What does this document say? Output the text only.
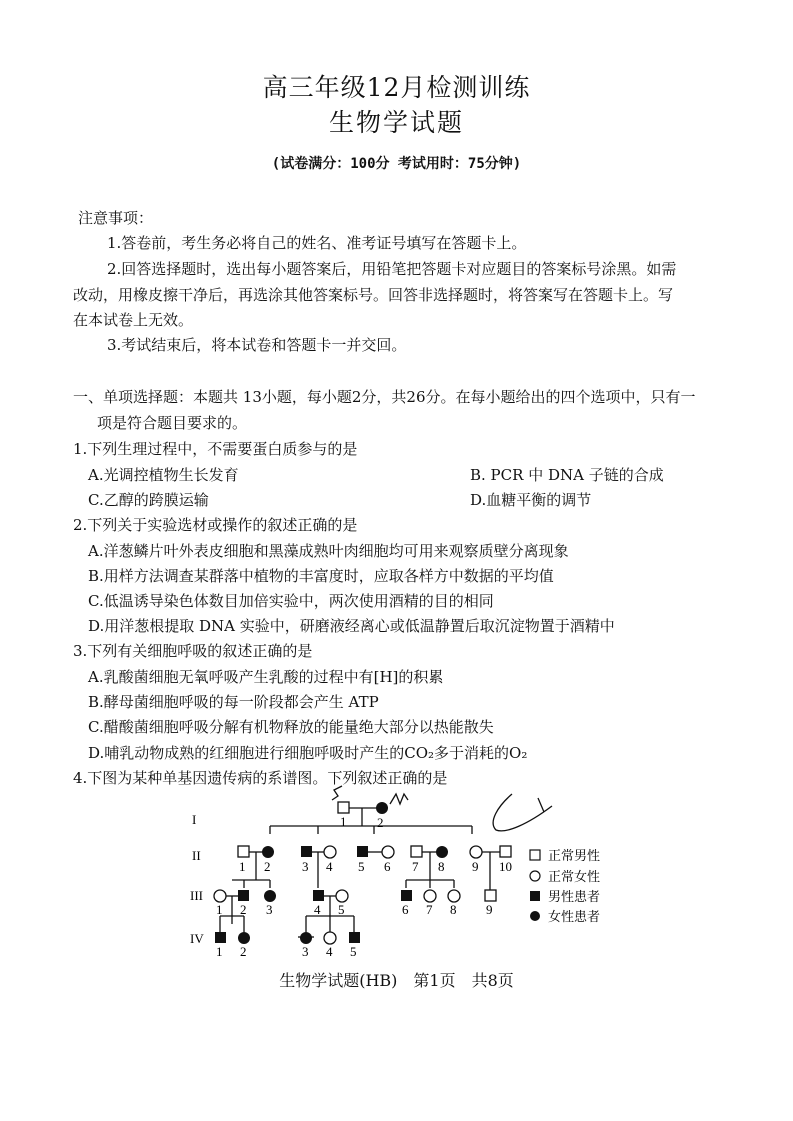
高三年级12月检测训练
生物学试题
(试卷满分：100分 考试用时：75分钟)
注意事项：
1.答卷前，考生务必将自己的姓名、准考证号填写在答题卡上。
2.回答选择题时，选出每小题答案后，用铅笔把答题卡对应题目的答案标号涂黑。如需
改动，用橡皮擦干净后，再选涂其他答案标号。回答非选择题时，将答案写在答题卡上。写
在本试卷上无效。
3.考试结束后，将本试卷和答题卡一并交回。
一、单项选择题：本题共 13小题，每小题2分，共26分。在每小题给出的四个选项中，只有一
项是符合题目要求的。
1.下列生理过程中，不需要蛋白质参与的是
A.光调控植物生长发育	B. PCR 中 DNA 子链的合成
C.乙醇的跨膜运输	D.血糖平衡的调节
2.下列关于实验选材或操作的叙述正确的是
A.洋葱鳞片叶外表皮细胞和黑藻成熟叶肉细胞均可用来观察质壁分离现象
B.用样方法调查某群落中植物的丰富度时，应取各样方中数据的平均值
C.低温诱导染色体数目加倍实验中，两次使用酒精的目的相同
D.用洋葱根提取 DNA 实验中，研磨液经离心或低温静置后取沉淀物置于酒精中
3.下列有关细胞呼吸的叙述正确的是
A.乳酸菌细胞无氧呼吸产生乳酸的过程中有[H]的积累
B.酵母菌细胞呼吸的每一阶段都会产生 ATP
C.醋酸菌细胞呼吸分解有机物释放的能量绝大部分以热能散失
D.哺乳动物成熟的红细胞进行细胞呼吸时产生的CO₂多于消耗的O₂
4.下图为某种单基因遗传病的系谱图。下列叙述正确的是
I
II
III
IV
1 2
1 2 3 4 5 6 7 8 9 10
1 2 3	4 5	6 7 8 9
1 2	3 4 5
正常男性
正常女性
男性患者
女性患者
生物学试题(HB)　第1页　共8页
